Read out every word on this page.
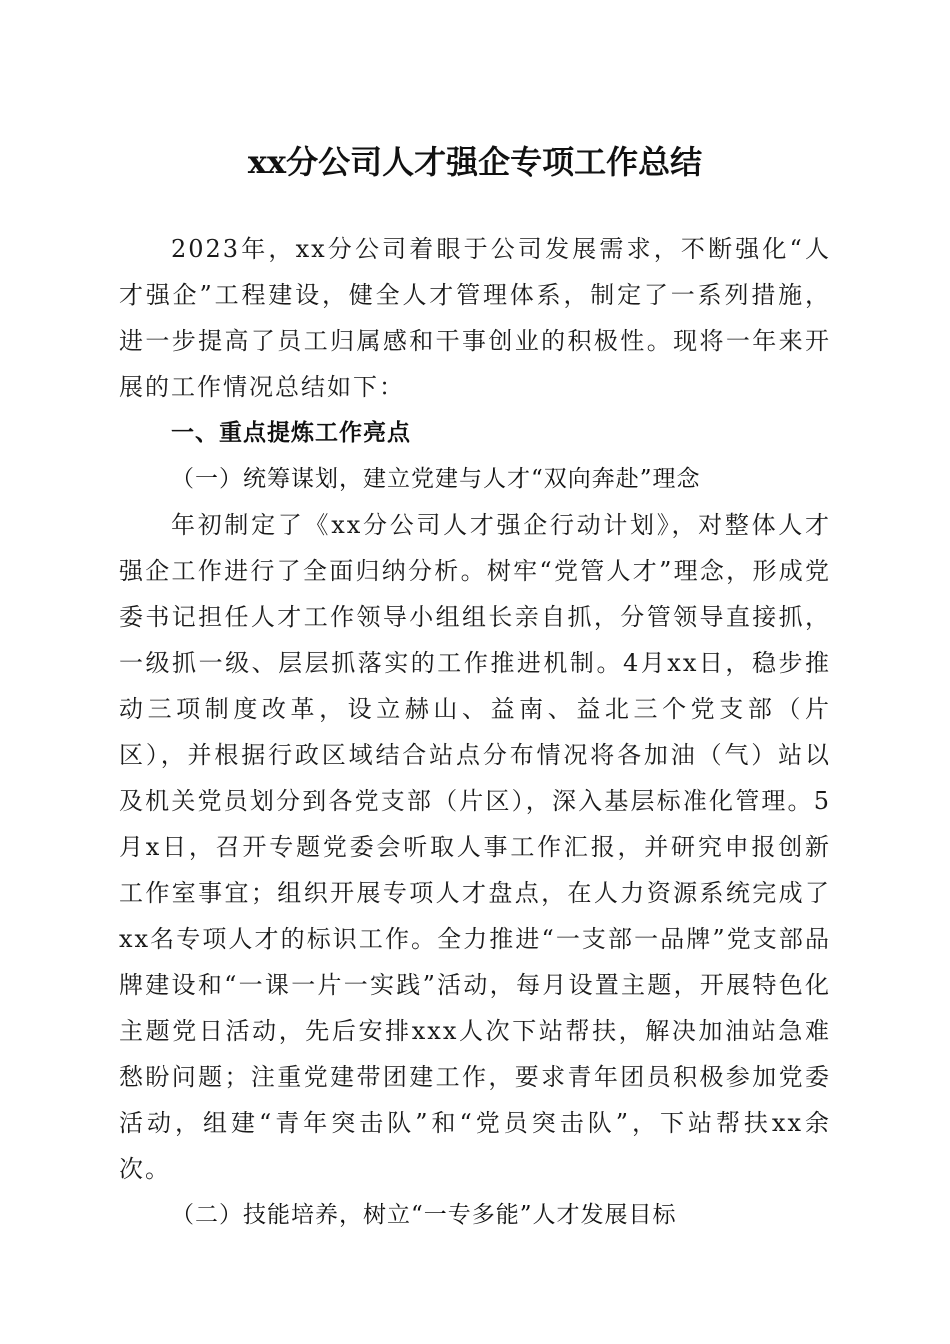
xx分公司人才强企专项工作总结

2023年，xx分公司着眼于公司发展需求，不断强化“人才强企”工程建设，健全人才管理体系，制定了一系列措施，进一步提高了员工归属感和干事创业的积极性。现将一年来开展的工作情况总结如下：

一、重点提炼工作亮点
（一）统筹谋划，建立党建与人才“双向奔赴”理念

年初制定了《xx分公司人才强企行动计划》，对整体人才强企工作进行了全面归纳分析。树牢“党管人才”理念，形成党委书记担任人才工作领导小组组长亲自抓，分管领导直接抓，一级抓一级、层层抓落实的工作推进机制。4月xx日，稳步推动三项制度改革，设立赫山、益南、益北三个党支部（片区），并根据行政区域结合站点分布情况将各加油（气）站以及机关党员划分到各党支部（片区），深入基层标准化管理。5月x日，召开专题党委会听取人事工作汇报，并研究申报创新工作室事宜；组织开展专项人才盘点，在人力资源系统完成了xx名专项人才的标识工作。全力推进“一支部一品牌”党支部品牌建设和“一课一片一实践”活动，每月设置主题，开展特色化主题党日活动，先后安排xxx人次下站帮扶，解决加油站急难愁盼问题；注重党建带团建工作，要求青年团员积极参加党委活动，组建“青年突击队”和“党员突击队”，下站帮扶xx余次。

（二）技能培养，树立“一专多能”人才发展目标
